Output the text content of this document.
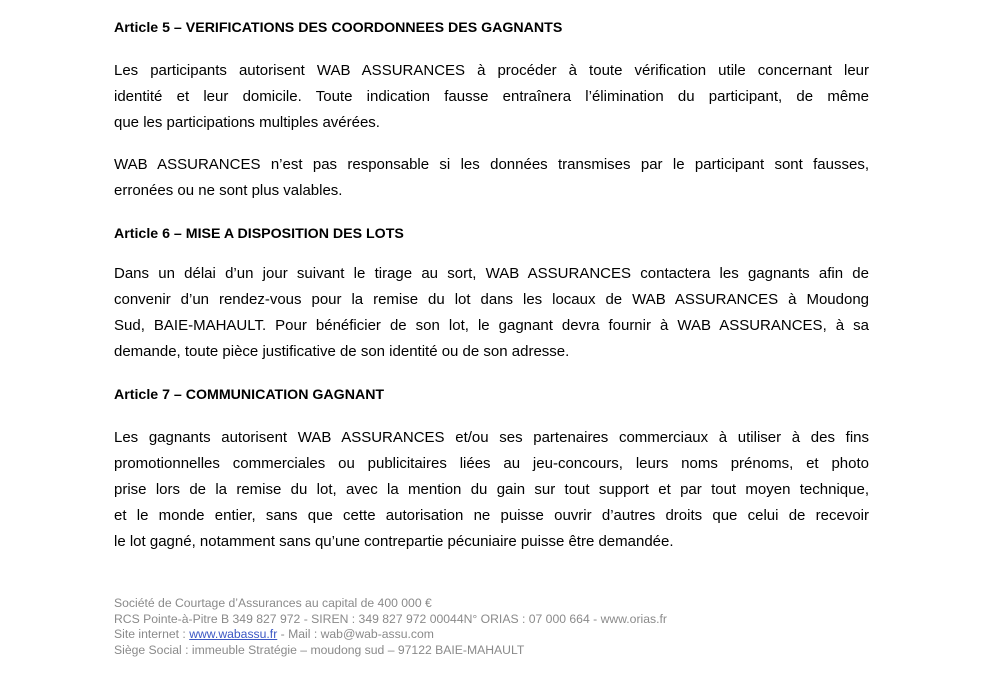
Article 5 – VERIFICATIONS DES COORDONNEES DES GAGNANTS
Les participants autorisent WAB ASSURANCES à procéder à toute vérification utile concernant leur
identité et leur domicile. Toute indication fausse entraînera l’élimination du participant, de même
que les participations multiples avérées.
WAB ASSURANCES n’est pas responsable si les données transmises par le participant sont fausses,
erronées ou ne sont plus valables.
Article 6 – MISE A DISPOSITION DES LOTS
Dans un délai d’un jour suivant le tirage au sort, WAB ASSURANCES contactera les gagnants afin de
convenir d’un rendez-vous pour la remise du lot dans les locaux de WAB ASSURANCES à Moudong
Sud, BAIE-MAHAULT. Pour bénéficier de son lot, le gagnant devra fournir à WAB ASSURANCES, à sa
demande, toute pièce justificative de son identité ou de son adresse.
Article 7 – COMMUNICATION GAGNANT
Les gagnants autorisent WAB ASSURANCES et/ou ses partenaires commerciaux à utiliser à des fins
promotionnelles commerciales ou publicitaires liées au jeu-concours, leurs noms prénoms, et photo
prise lors de la remise du lot, avec la mention du gain sur tout support et par tout moyen technique,
et le monde entier, sans que cette autorisation ne puisse ouvrir d’autres droits que celui de recevoir
le lot gagné, notamment sans qu’une contrepartie pécuniaire puisse être demandée.
Société de Courtage d’Assurances au capital de 400 000 €
RCS Pointe-à-Pitre B 349 827 972 - SIREN : 349 827 972 00044N° ORIAS : 07 000 664 - www.orias.fr
Site internet : www.wabassu.fr - Mail : wab@wab-assu.com
Siège Social : immeuble Stratégie – moudong sud – 97122 BAIE-MAHAULT
